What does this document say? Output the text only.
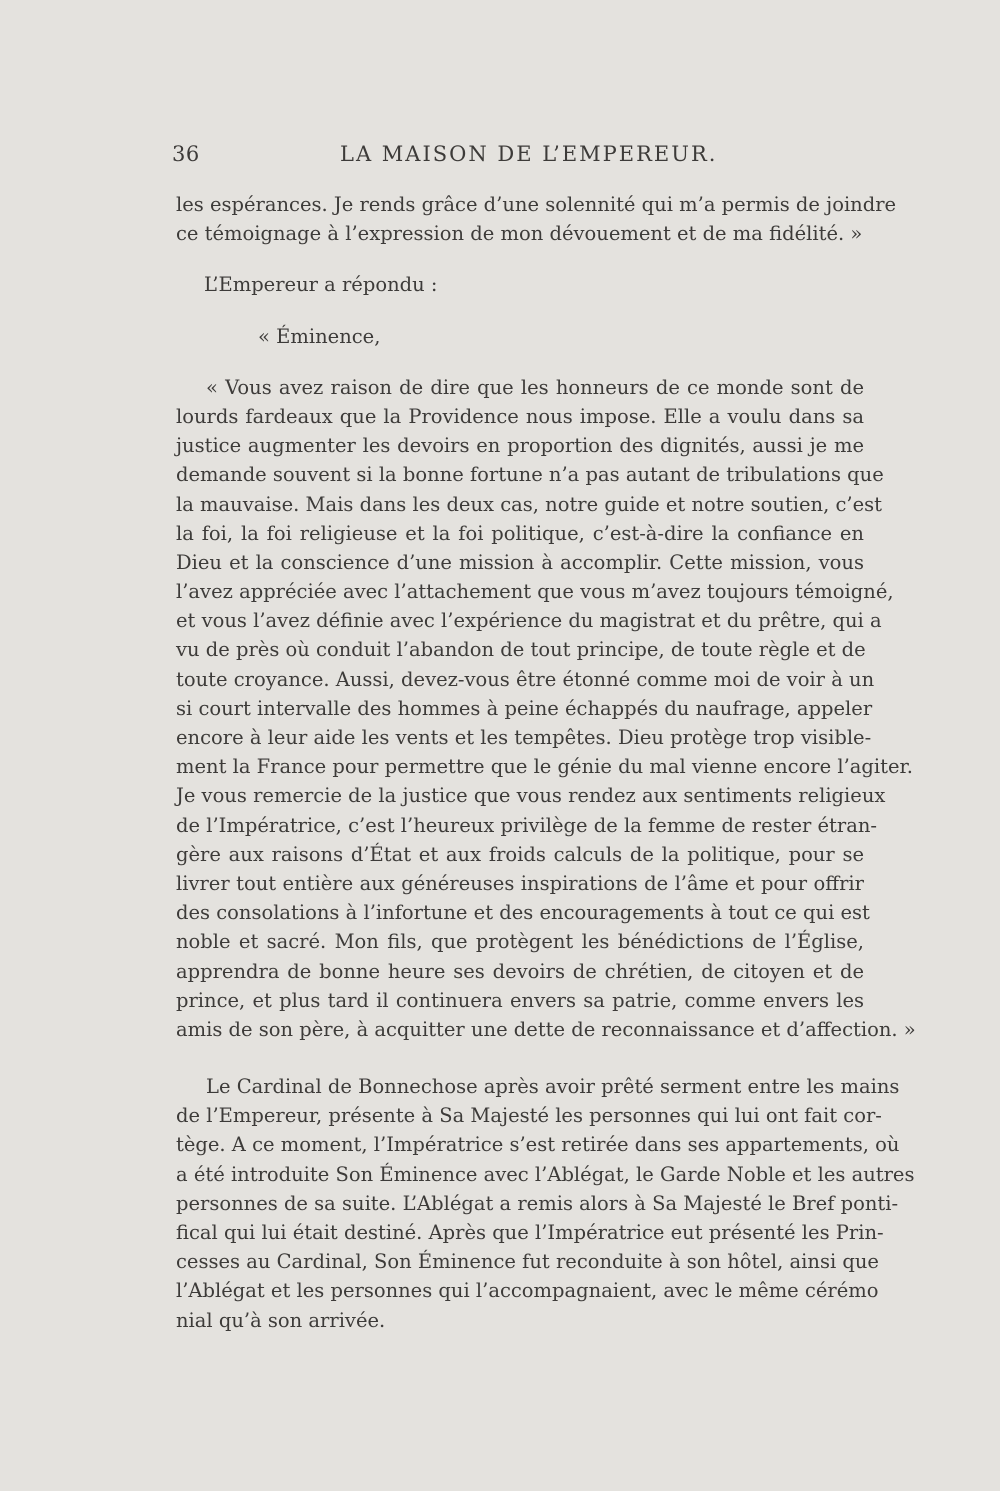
36	LA MAISON DE L’EMPEREUR.
les espérances. Je rends grâce d’une solennité qui m’a permis de joindre
ce témoignage à l’expression de mon dévouement et de ma fidélité. »
L’Empereur a répondu :
« Éminence,
« Vous avez raison de dire que les honneurs de ce monde sont de
lourds fardeaux que la Providence nous impose. Elle a voulu dans sa
justice augmenter les devoirs en proportion des dignités, aussi je me
demande souvent si la bonne fortune n’a pas autant de tribulations que
la mauvaise. Mais dans les deux cas, notre guide et notre soutien, c’est
la foi, la foi religieuse et la foi politique, c’est-à-dire la confiance en
Dieu et la conscience d’une mission à accomplir. Cette mission, vous
l’avez appréciée avec l’attachement que vous m’avez toujours témoigné,
et vous l’avez définie avec l’expérience du magistrat et du prêtre, qui a
vu de près où conduit l’abandon de tout principe, de toute règle et de
toute croyance. Aussi, devez-vous être étonné comme moi de voir à un
si court intervalle des hommes à peine échappés du naufrage, appeler
encore à leur aide les vents et les tempêtes. Dieu protège trop visible-
ment la France pour permettre que le génie du mal vienne encore l’agiter.
Je vous remercie de la justice que vous rendez aux sentiments religieux
de l’Impératrice, c’est l’heureux privilège de la femme de rester étran-
gère aux raisons d’État et aux froids calculs de la politique, pour se
livrer tout entière aux généreuses inspirations de l’âme et pour offrir
des consolations à l’infortune et des encouragements à tout ce qui est
noble et sacré. Mon fils, que protègent les bénédictions de l’Église,
apprendra de bonne heure ses devoirs de chrétien, de citoyen et de
prince, et plus tard il continuera envers sa patrie, comme envers les
amis de son père, à acquitter une dette de reconnaissance et d’affection. »
Le Cardinal de Bonnechose après avoir prêté serment entre les mains
de l’Empereur, présente à Sa Majesté les personnes qui lui ont fait cor-
tège. A ce moment, l’Impératrice s’est retirée dans ses appartements, où
a été introduite Son Éminence avec l’Ablégat, le Garde Noble et les autres
personnes de sa suite. L’Ablégat a remis alors à Sa Majesté le Bref ponti-
fical qui lui était destiné. Après que l’Impératrice eut présenté les Prin-
cesses au Cardinal, Son Éminence fut reconduite à son hôtel, ainsi que
l’Ablégat et les personnes qui l’accompagnaient, avec le même cérémo
nial qu’à son arrivée.
